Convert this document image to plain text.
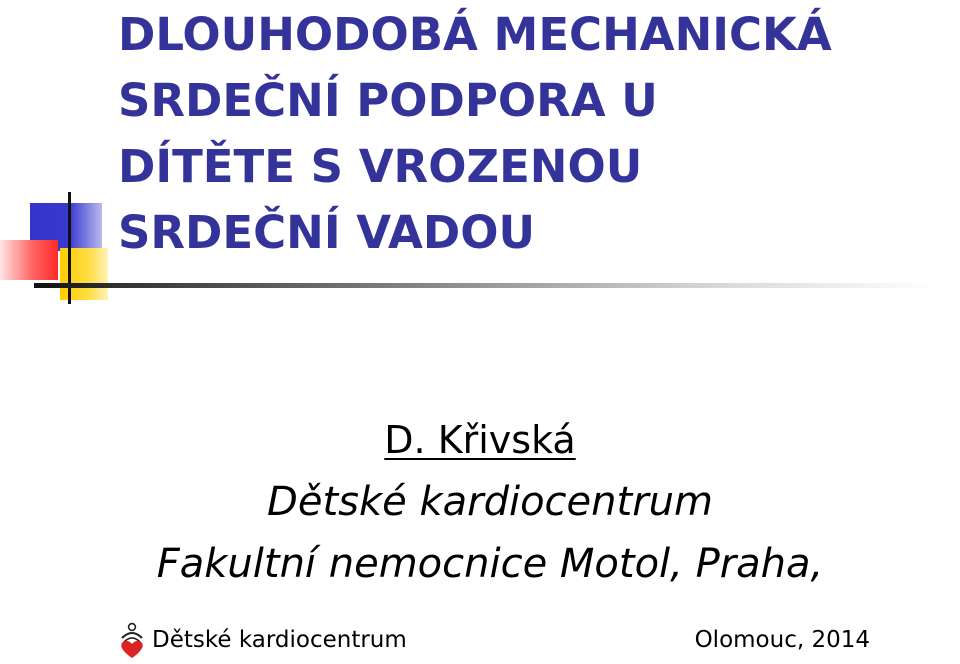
DLOUHODOBÁ MECHANICKÁ
SRDEČNÍ PODPORA U
DÍTĚTE S VROZENOU
SRDEČNÍ VADOU
D. Křivská
Dětské kardiocentrum
Fakultní nemocnice Motol, Praha,
Dětské kardiocentrum	Olomouc, 2014
